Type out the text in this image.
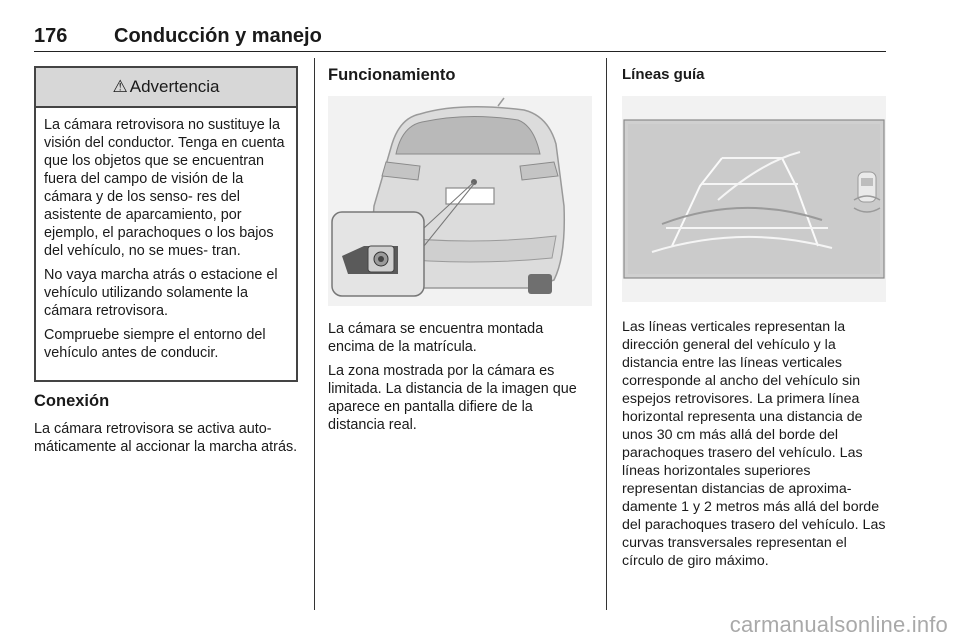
176 Conducción y manejo
⚠ Advertencia

La cámara retrovisora no sustituye la visión del conductor. Tenga en cuenta que los objetos que se encuentran fuera del campo de visión de la cámara y de los senso- res del asistente de aparcamiento, por ejemplo, el parachoques o los bajos del vehículo, no se mues- tran.

No vaya marcha atrás o estacione el vehículo utilizando solamente la cámara retrovisora.

Compruebe siempre el entorno del vehículo antes de conducir.

Conexión

La cámara retrovisora se activa auto- máticamente al accionar la marcha atrás.

Funcionamiento

La cámara se encuentra montada encima de la matrícula.

La zona mostrada por la cámara es limitada. La distancia de la imagen que aparece en pantalla difiere de la distancia real.

Líneas guía

Las líneas verticales representan la dirección general del vehículo y la distancia entre las líneas verticales corresponde al ancho del vehículo sin espejos retrovisores. La primera línea horizontal representa una distancia de unos 30 cm más allá del borde del parachoques trasero del vehículo. Las líneas horizontales superiores representan distancias de aproxima- damente 1 y 2 metros más allá del borde del parachoques trasero del vehículo. Las curvas transversales representan el círculo de giro máximo.

carmanualsonline.info
